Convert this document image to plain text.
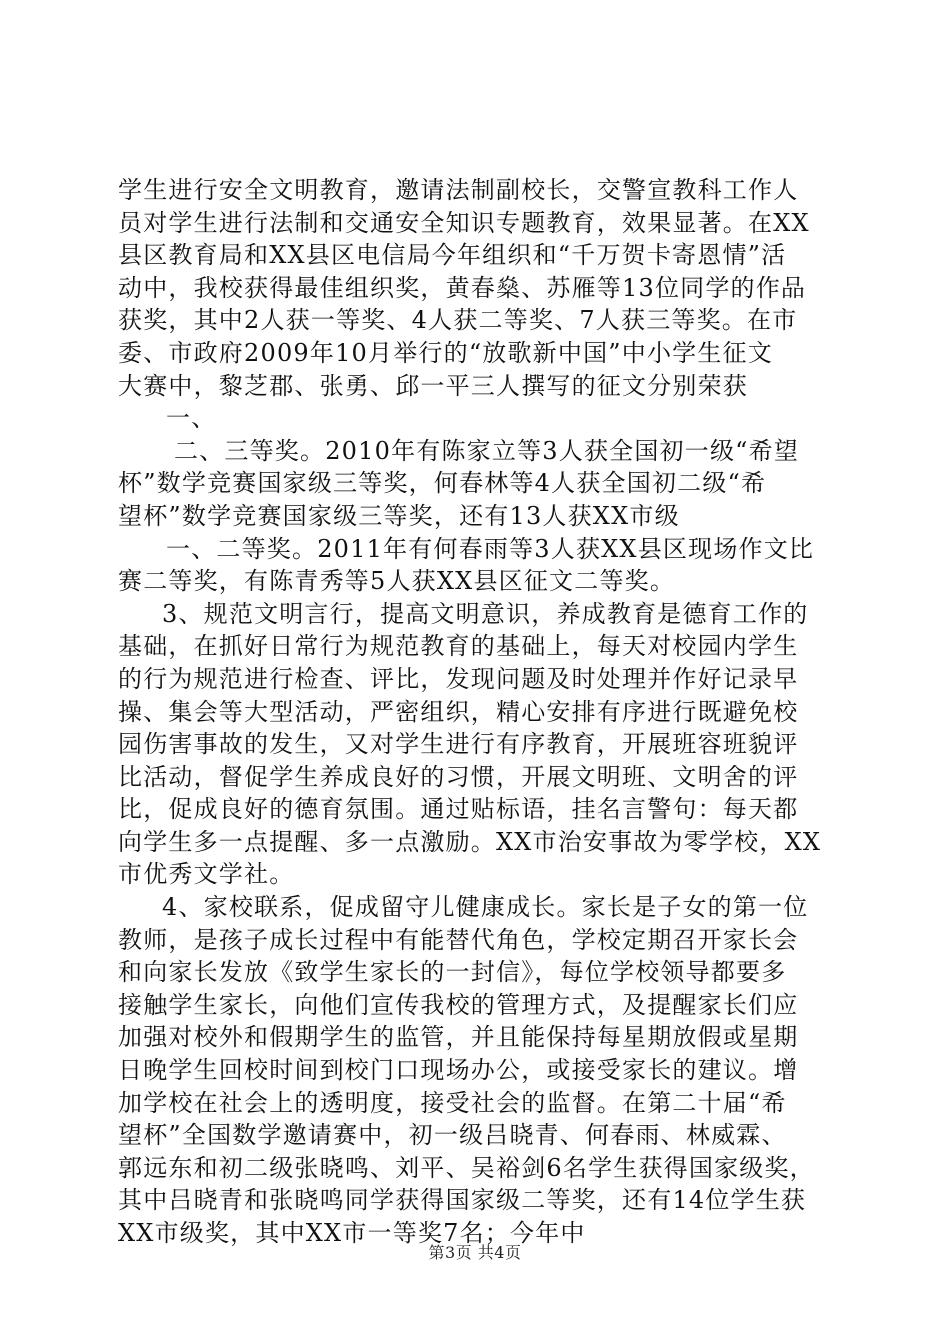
学生进行安全文明教育，邀请法制副校长，交警宣教科工作人
员对学生进行法制和交通安全知识专题教育，效果显著。在XX
县区教育局和XX县区电信局今年组织和“千万贺卡寄恩情”活
动中，我校获得最佳组织奖，黄春燊、苏雁等13位同学的作品
获奖，其中2人获一等奖、4人获二等奖、7人获三等奖。在市
委、市政府2009年10月举行的“放歌新中国”中小学生征文
大赛中，黎芝郡、张勇、邱一平三人撰写的征文分别荣获
一、
二、三等奖。2010年有陈家立等3人获全国初一级“希望
杯”数学竞赛国家级三等奖，何春林等4人获全国初二级“希
望杯”数学竞赛国家级三等奖，还有13人获XX市级
一、二等奖。2011年有何春雨等3人获XX县区现场作文比
赛二等奖，有陈青秀等5人获XX县区征文二等奖。
3、规范文明言行，提高文明意识，养成教育是德育工作的
基础，在抓好日常行为规范教育的基础上，每天对校园内学生
的行为规范进行检查、评比，发现问题及时处理并作好记录早
操、集会等大型活动，严密组织，精心安排有序进行既避免校
园伤害事故的发生，又对学生进行有序教育，开展班容班貌评
比活动，督促学生养成良好的习惯，开展文明班、文明舍的评
比，促成良好的德育氛围。通过贴标语，挂名言警句：每天都
向学生多一点提醒、多一点激励。XX市治安事故为零学校，XX
市优秀文学社。
4、家校联系，促成留守儿健康成长。家长是子女的第一位
教师，是孩子成长过程中有能替代角色，学校定期召开家长会
和向家长发放《致学生家长的一封信》，每位学校领导都要多
接触学生家长，向他们宣传我校的管理方式，及提醒家长们应
加强对校外和假期学生的监管，并且能保持每星期放假或星期
日晚学生回校时间到校门口现场办公，或接受家长的建议。增
加学校在社会上的透明度，接受社会的监督。在第二十届“希
望杯”全国数学邀请赛中，初一级吕晓青、何春雨、林威霖、
郭远东和初二级张晓鸣、刘平、吴裕剑6名学生获得国家级奖，
其中吕晓青和张晓鸣同学获得国家级二等奖，还有14位学生获
XX市级奖，其中XX市一等奖7名；今年中
第3页 共4页
